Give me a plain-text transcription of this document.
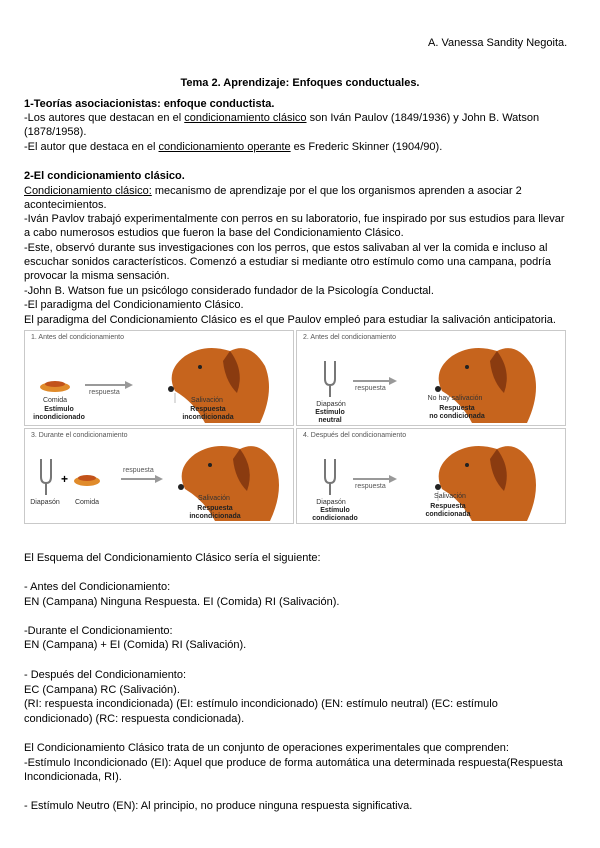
A. Vanessa Sandity Negoita.
Tema 2. Aprendizaje: Enfoques conductuales.
1-Teorías asociacionistas: enfoque conductista.
-Los autores que destacan en el condicionamiento clásico son Iván Paulov (1849/1936) y John B. Watson
(1878/1958).
-El autor que destaca en el condicionamiento operante es Frederic Skinner (1904/90).
2-El condicionamiento clásico.
Condicionamiento clásico: mecanismo de aprendizaje por el que los organismos aprenden a asociar 2
acontecimientos.
-Iván Pavlov trabajó experimentalmente con perros en su laboratorio, fue inspirado por sus estudios para llevar
a cabo numerosos estudios que fueron la base del Condicionamiento Clásico.
-Este, observó durante sus investigaciones con los perros, que estos salivaban al ver la comida e incluso al
escuchar sonidos característicos. Comenzó a estudiar si mediante otro estímulo como una campana, podría
provocar la misma sensación.
-John B. Watson fue un psicólogo considerado fundador de la Psicología Conductal.
-El paradigma del Condicionamiento Clásico.
El paradigma del Condicionamiento Clásico es el que Paulov empleó para estudiar la salivación anticipatoria.
1. Antes del condicionamiento
Comida
respuesta
Salivación
Estímulo
incondicionado
Respuesta
incondicionada
2. Antes del condicionamiento
Diapasón
respuesta
No hay salivación
Estímulo
neutral
Respuesta
no condicionada
3. Durante el condicionamiento
+
Diapasón	Comida
respuesta
Salivación
Respuesta
incondicionada
4. Después del condicionamiento
Diapasón
respuesta
Salivación
Estímulo
condicionado
Respuesta
condicionada
El Esquema del Condicionamiento Clásico sería el siguiente:
- Antes del Condicionamiento:
EN (Campana) Ninguna Respuesta. EI (Comida) RI (Salivación).
-Durante el Condicionamiento:
EN (Campana) + EI (Comida) RI (Salivación).
- Después del Condicionamiento:
EC (Campana) RC (Salivación).
(RI: respuesta incondicionada) (EI: estímulo incondicionado) (EN: estímulo neutral) (EC: estímulo
condicionado) (RC: respuesta condicionada).
El Condicionamiento Clásico trata de un conjunto de operaciones experimentales que comprenden:
-Estímulo Incondicionado (EI): Aquel que produce de forma automática una determinada respuesta(Respuesta
Incondicionada, RI).
- Estímulo Neutro (EN): Al principio, no produce ninguna respuesta significativa.
